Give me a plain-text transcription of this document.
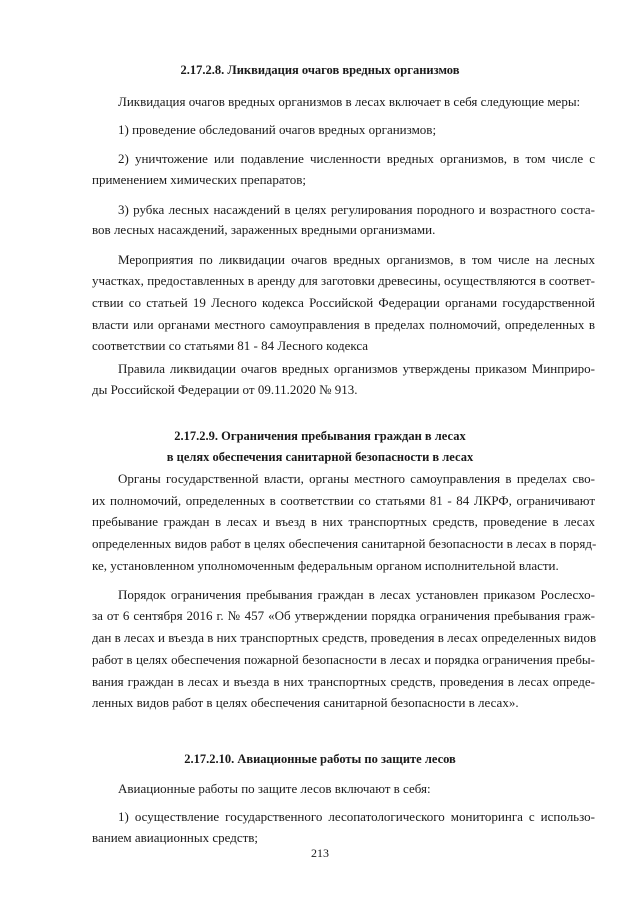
2.17.2.8. Ликвидация очагов вредных организмов
Ликвидация очагов вредных организмов в лесах включает в себя следующие меры:
1) проведение обследований очагов вредных организмов;
2) уничтожение или подавление численности вредных организмов, в том числе с
применением химических препаратов;
3) рубка лесных насаждений в целях регулирования породного и возрастного соста-
вов лесных насаждений, зараженных вредными организмами.
Мероприятия по ликвидации очагов вредных организмов, в том числе на лесных
участках, предоставленных в аренду для заготовки древесины, осуществляются в соответ-
ствии со статьей 19 Лесного кодекса Российской Федерации органами государственной
власти или органами местного самоуправления в пределах полномочий, определенных в
соответствии со статьями 81 - 84 Лесного кодекса
Правила ликвидации очагов вредных организмов утверждены приказом Минприро-
ды Российской Федерации от 09.11.2020 № 913.
2.17.2.9. Ограничения пребывания граждан в лесах
в целях обеспечения санитарной безопасности в лесах
Органы государственной власти, органы местного самоуправления в пределах сво-
их полномочий, определенных в соответствии со статьями 81 - 84 ЛКРФ, ограничивают
пребывание граждан в лесах и въезд в них транспортных средств, проведение в лесах
определенных видов работ в целях обеспечения санитарной безопасности в лесах в поряд-
ке, установленном уполномоченным федеральным органом исполнительной власти.
Порядок ограничения пребывания граждан в лесах установлен приказом Рослесхо-
за от 6 сентября 2016 г. № 457 «Об утверждении порядка ограничения пребывания граж-
дан в лесах и въезда в них транспортных средств, проведения в лесах определенных видов
работ в целях обеспечения пожарной безопасности в лесах и порядка ограничения пребы-
вания граждан в лесах и въезда в них транспортных средств, проведения в лесах опреде-
ленных видов работ в целях обеспечения санитарной безопасности в лесах».
2.17.2.10. Авиационные работы по защите лесов
Авиационные работы по защите лесов включают в себя:
1) осуществление государственного лесопатологического мониторинга с использо-
ванием авиационных средств;
213
